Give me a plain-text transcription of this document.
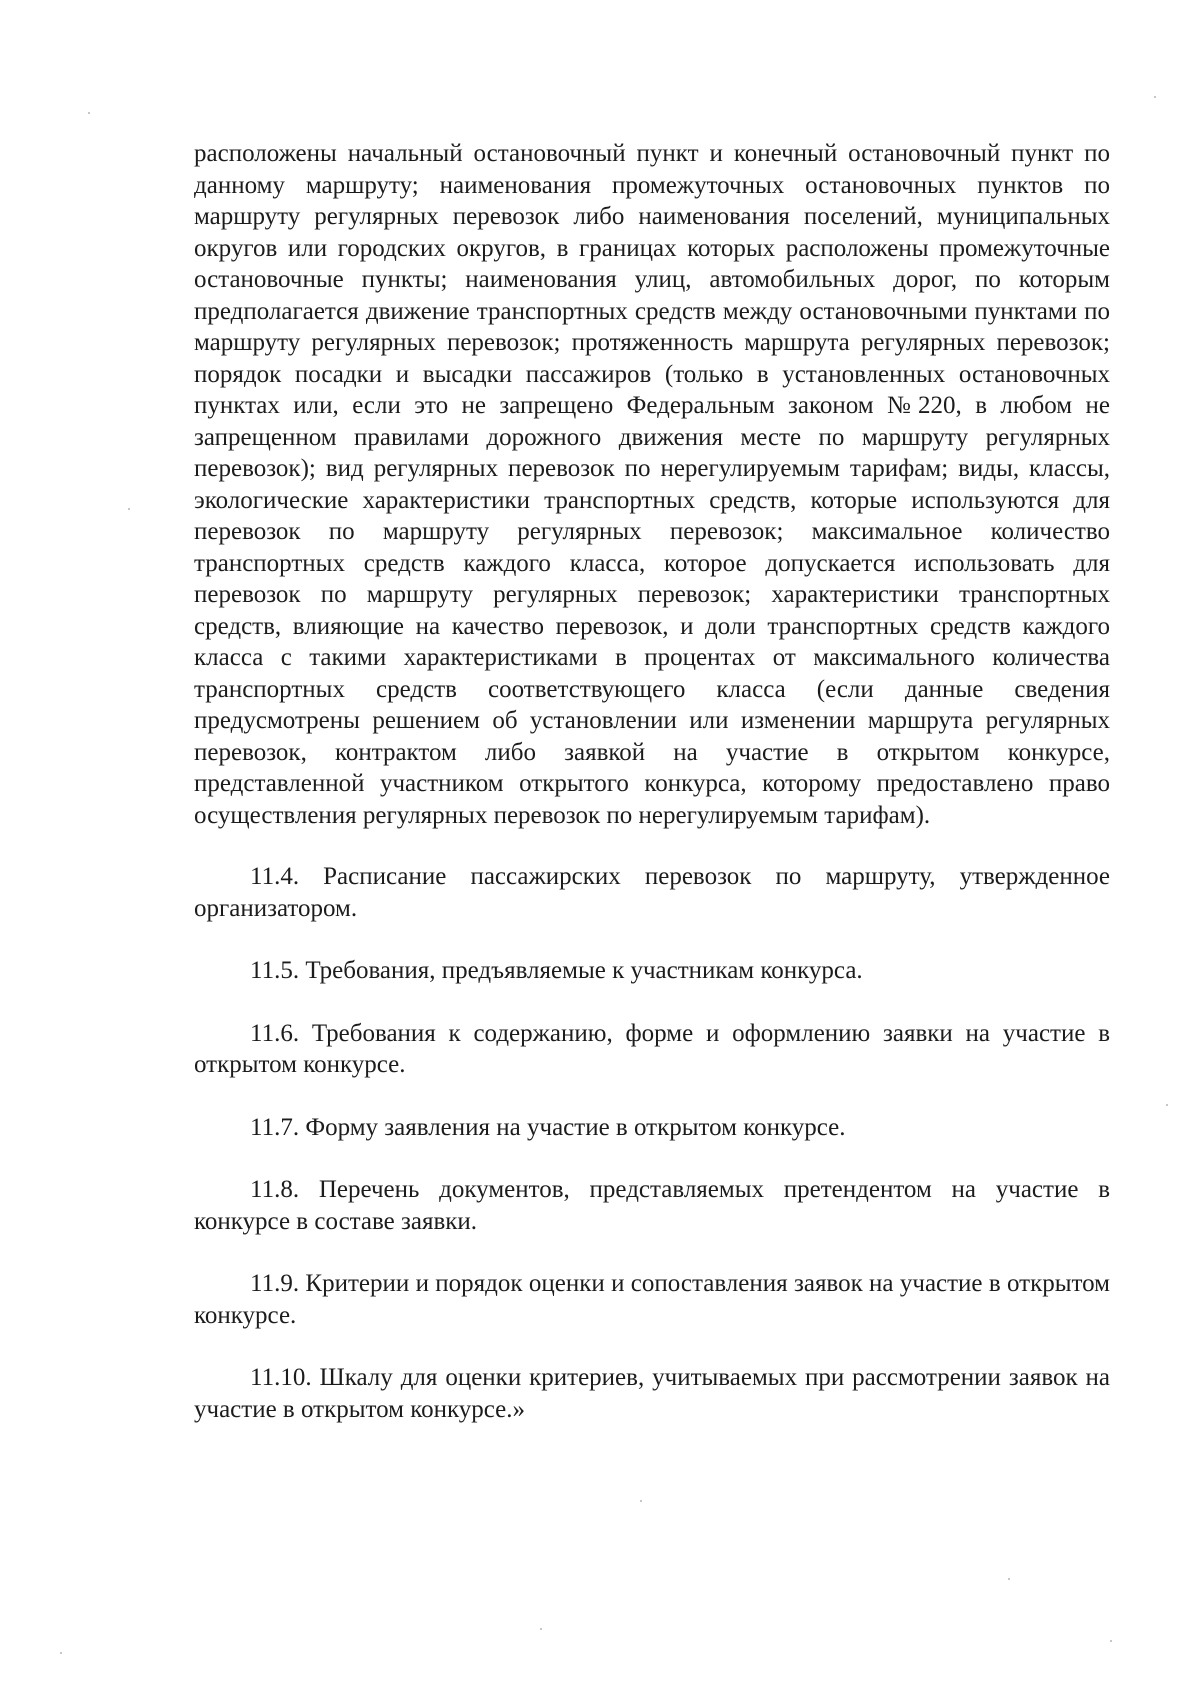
расположены начальный остановочный пункт и конечный остановочный пункт по данному маршруту; наименования промежуточных остановочных пунктов по маршруту регулярных перевозок либо наименования поселений, муниципальных округов или городских округов, в границах которых расположены промежуточные остановочные пункты; наименования улиц, автомобильных дорог, по которым предполагается движение транспортных средств между остановочными пунктами по маршруту регулярных перевозок; протяженность маршрута регулярных перевозок; порядок посадки и высадки пассажиров (только в установленных остановочных пунктах или, если это не запрещено Федеральным законом №220, в любом не запрещенном правилами дорожного движения месте по маршруту регулярных перевозок); вид регулярных перевозок по нерегулируемым тарифам; виды, классы, экологические характеристики транспортных средств, которые используются для перевозок по маршруту регулярных перевозок; максимальное количество транспортных средств каждого класса, которое допускается использовать для перевозок по маршруту регулярных перевозок; характеристики транспортных средств, влияющие на качество перевозок, и доли транспортных средств каждого класса с такими характеристиками в процентах от максимального количества транспортных средств соответствующего класса (если данные сведения предусмотрены решением об установлении или изменении маршрута регулярных перевозок, контрактом либо заявкой на участие в открытом конкурсе, представленной участником открытого конкурса, которому предоставлено право осуществления регулярных перевозок по нерегулируемым тарифам).

11.4. Расписание пассажирских перевозок по маршруту, утвержденное организатором.

11.5. Требования, предъявляемые к участникам конкурса.

11.6. Требования к содержанию, форме и оформлению заявки на участие в открытом конкурсе.

11.7. Форму заявления на участие в открытом конкурсе.

11.8. Перечень документов, представляемых претендентом на участие в конкурсе в составе заявки.

11.9. Критерии и порядок оценки и сопоставления заявок на участие в открытом конкурсе.

11.10. Шкалу для оценки критериев, учитываемых при рассмотрении заявок на участие в открытом конкурсе.»
